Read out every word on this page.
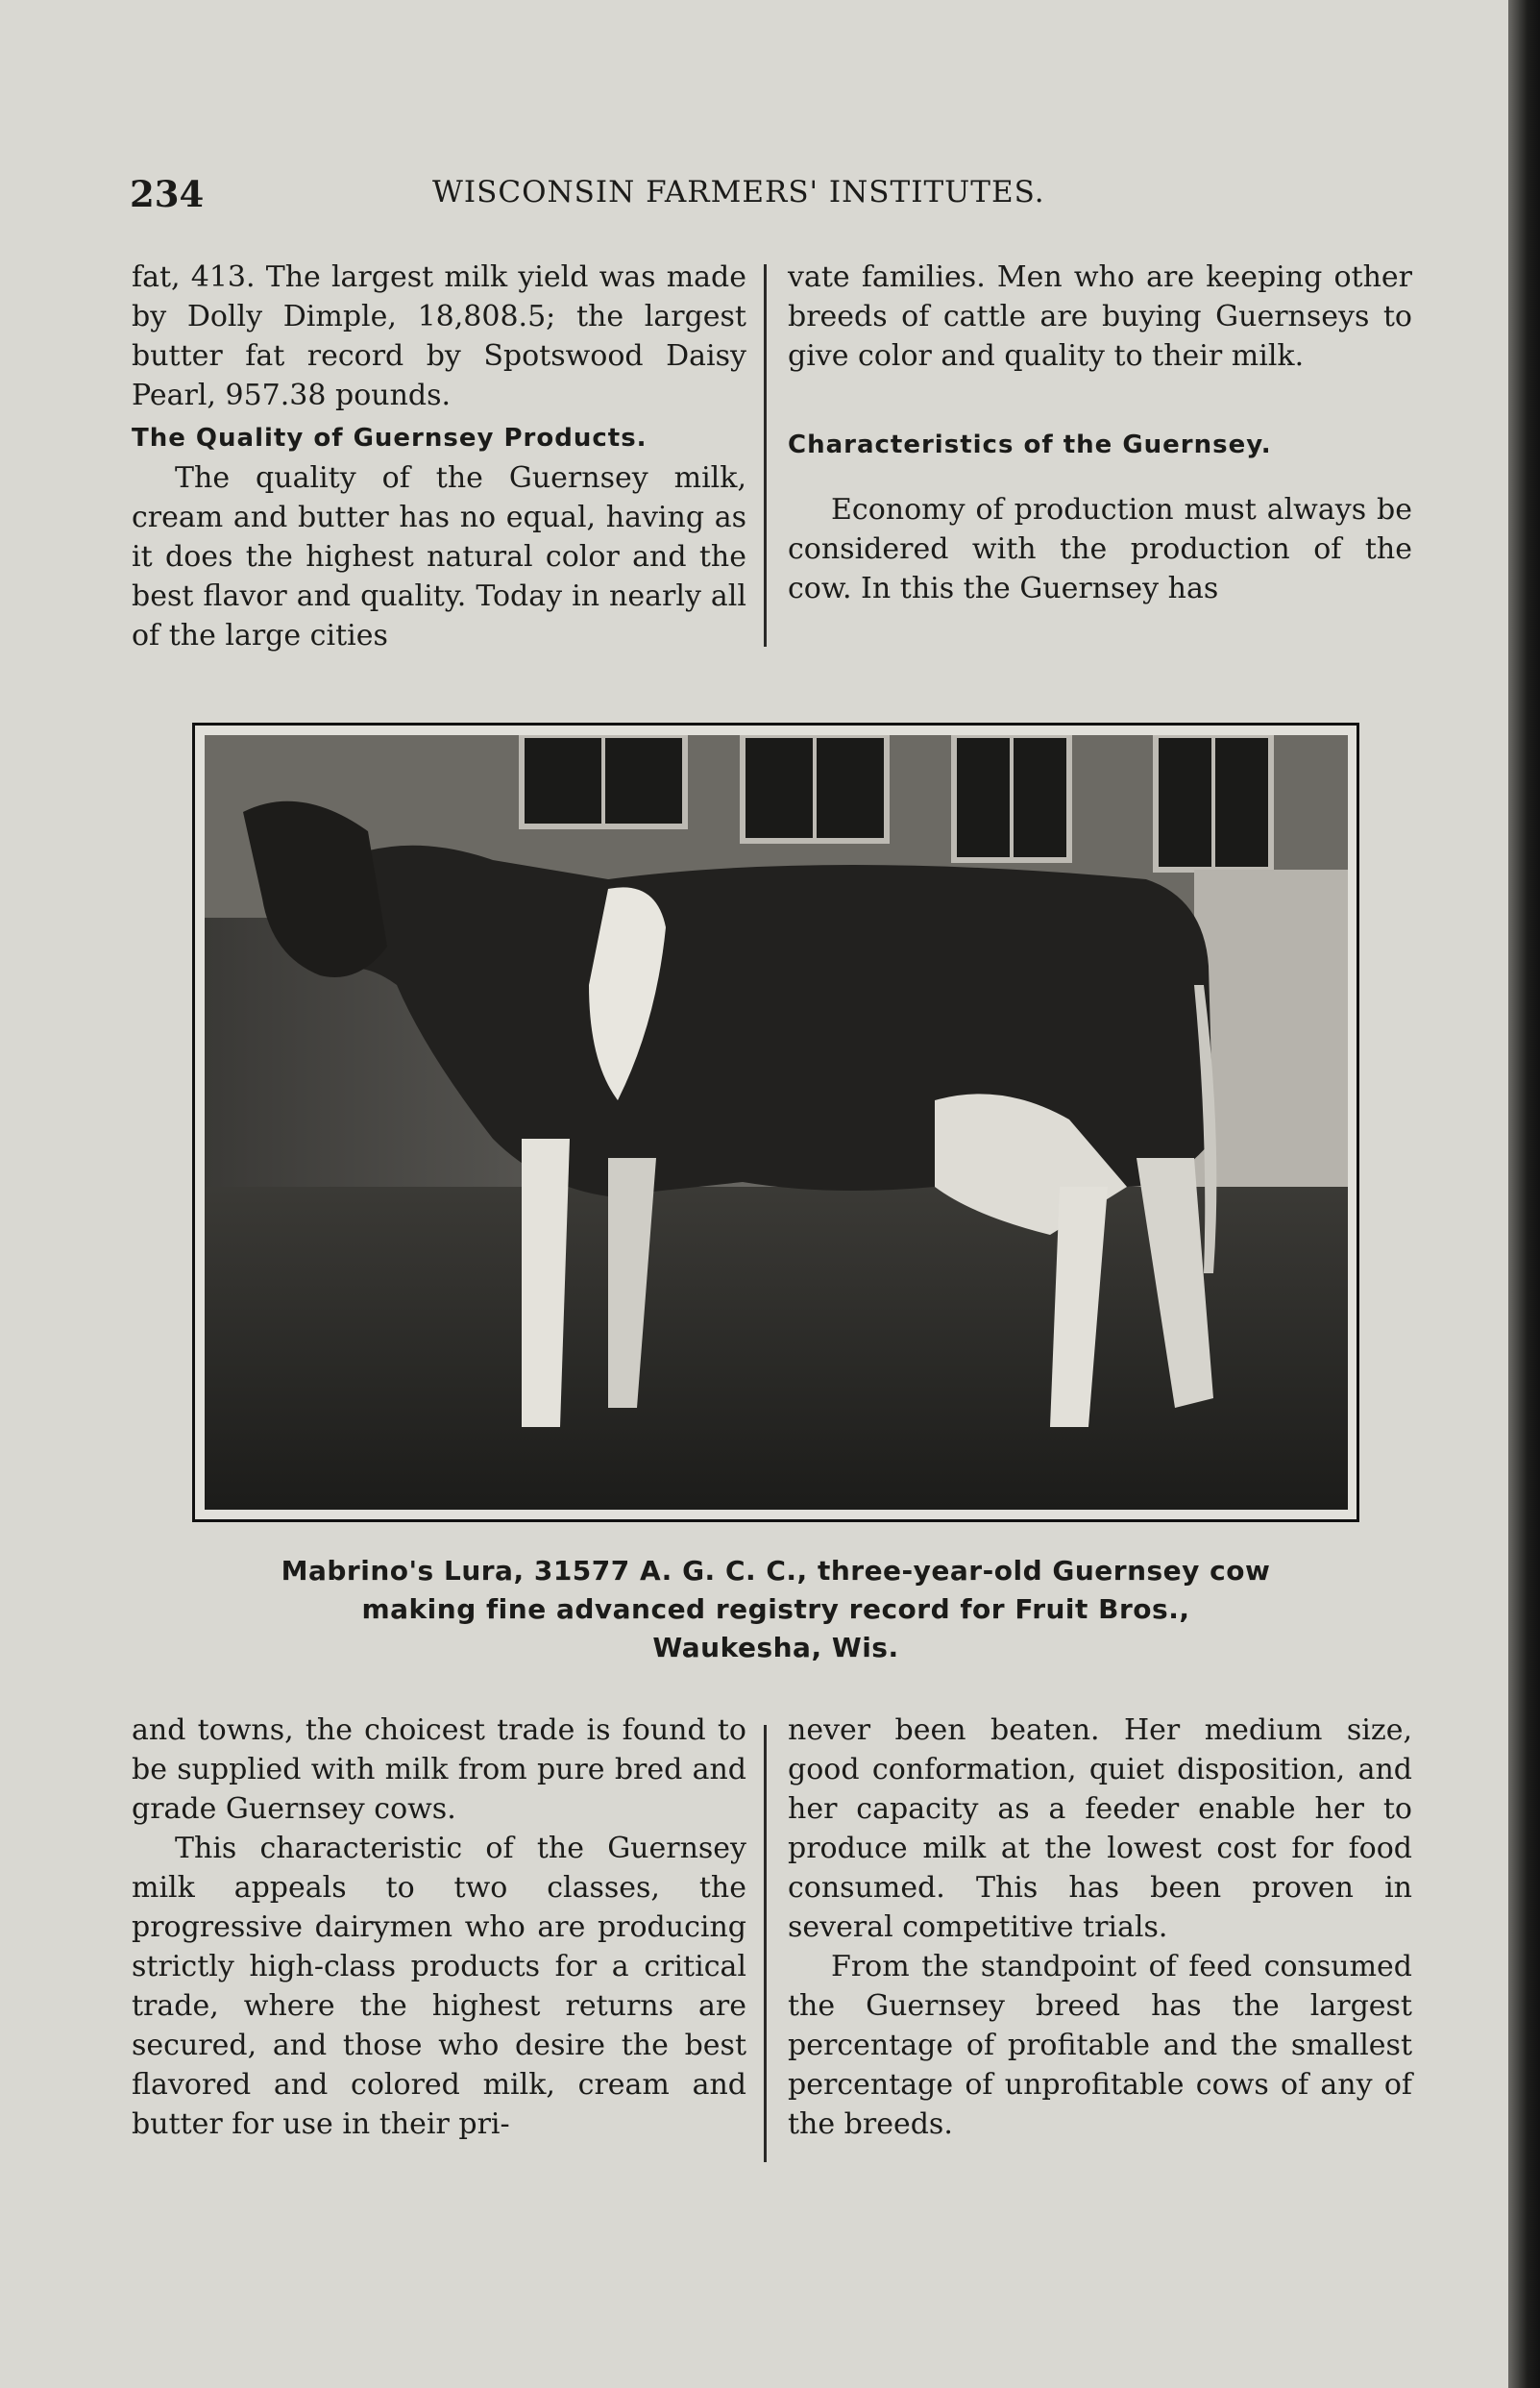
234	WISCONSIN FARMERS' INSTITUTES.

fat, 413. The largest milk yield was made by Dolly Dimple, 18,808.5; the largest butter fat record by Spotswood Daisy Pearl, 957.38 pounds.

The Quality of Guernsey Products.

The quality of the Guernsey milk, cream and butter has no equal, having as it does the highest natural color and the best flavor and quality. Today in nearly all of the large cities

vate families. Men who are keeping other breeds of cattle are buying Guernseys to give color and quality to their milk.

Characteristics of the Guernsey.

Economy of production must always be considered with the production of the cow. In this the Guernsey has

Mabrino's Lura, 31577 A. G. C. C., three-year-old Guernsey cow
making fine advanced registry record for Fruit Bros.,
Waukesha, Wis.

and towns, the choicest trade is found to be supplied with milk from pure bred and grade Guernsey cows.

This characteristic of the Guernsey milk appeals to two classes, the progressive dairymen who are producing strictly high-class products for a critical trade, where the highest returns are secured, and those who desire the best flavored and colored milk, cream and butter for use in their pri-

never been beaten. Her medium size, good conformation, quiet disposition, and her capacity as a feeder enable her to produce milk at the lowest cost for food consumed. This has been proven in several competitive trials.

From the standpoint of feed consumed the Guernsey breed has the largest percentage of profitable and the smallest percentage of unprofitable cows of any of the breeds.
